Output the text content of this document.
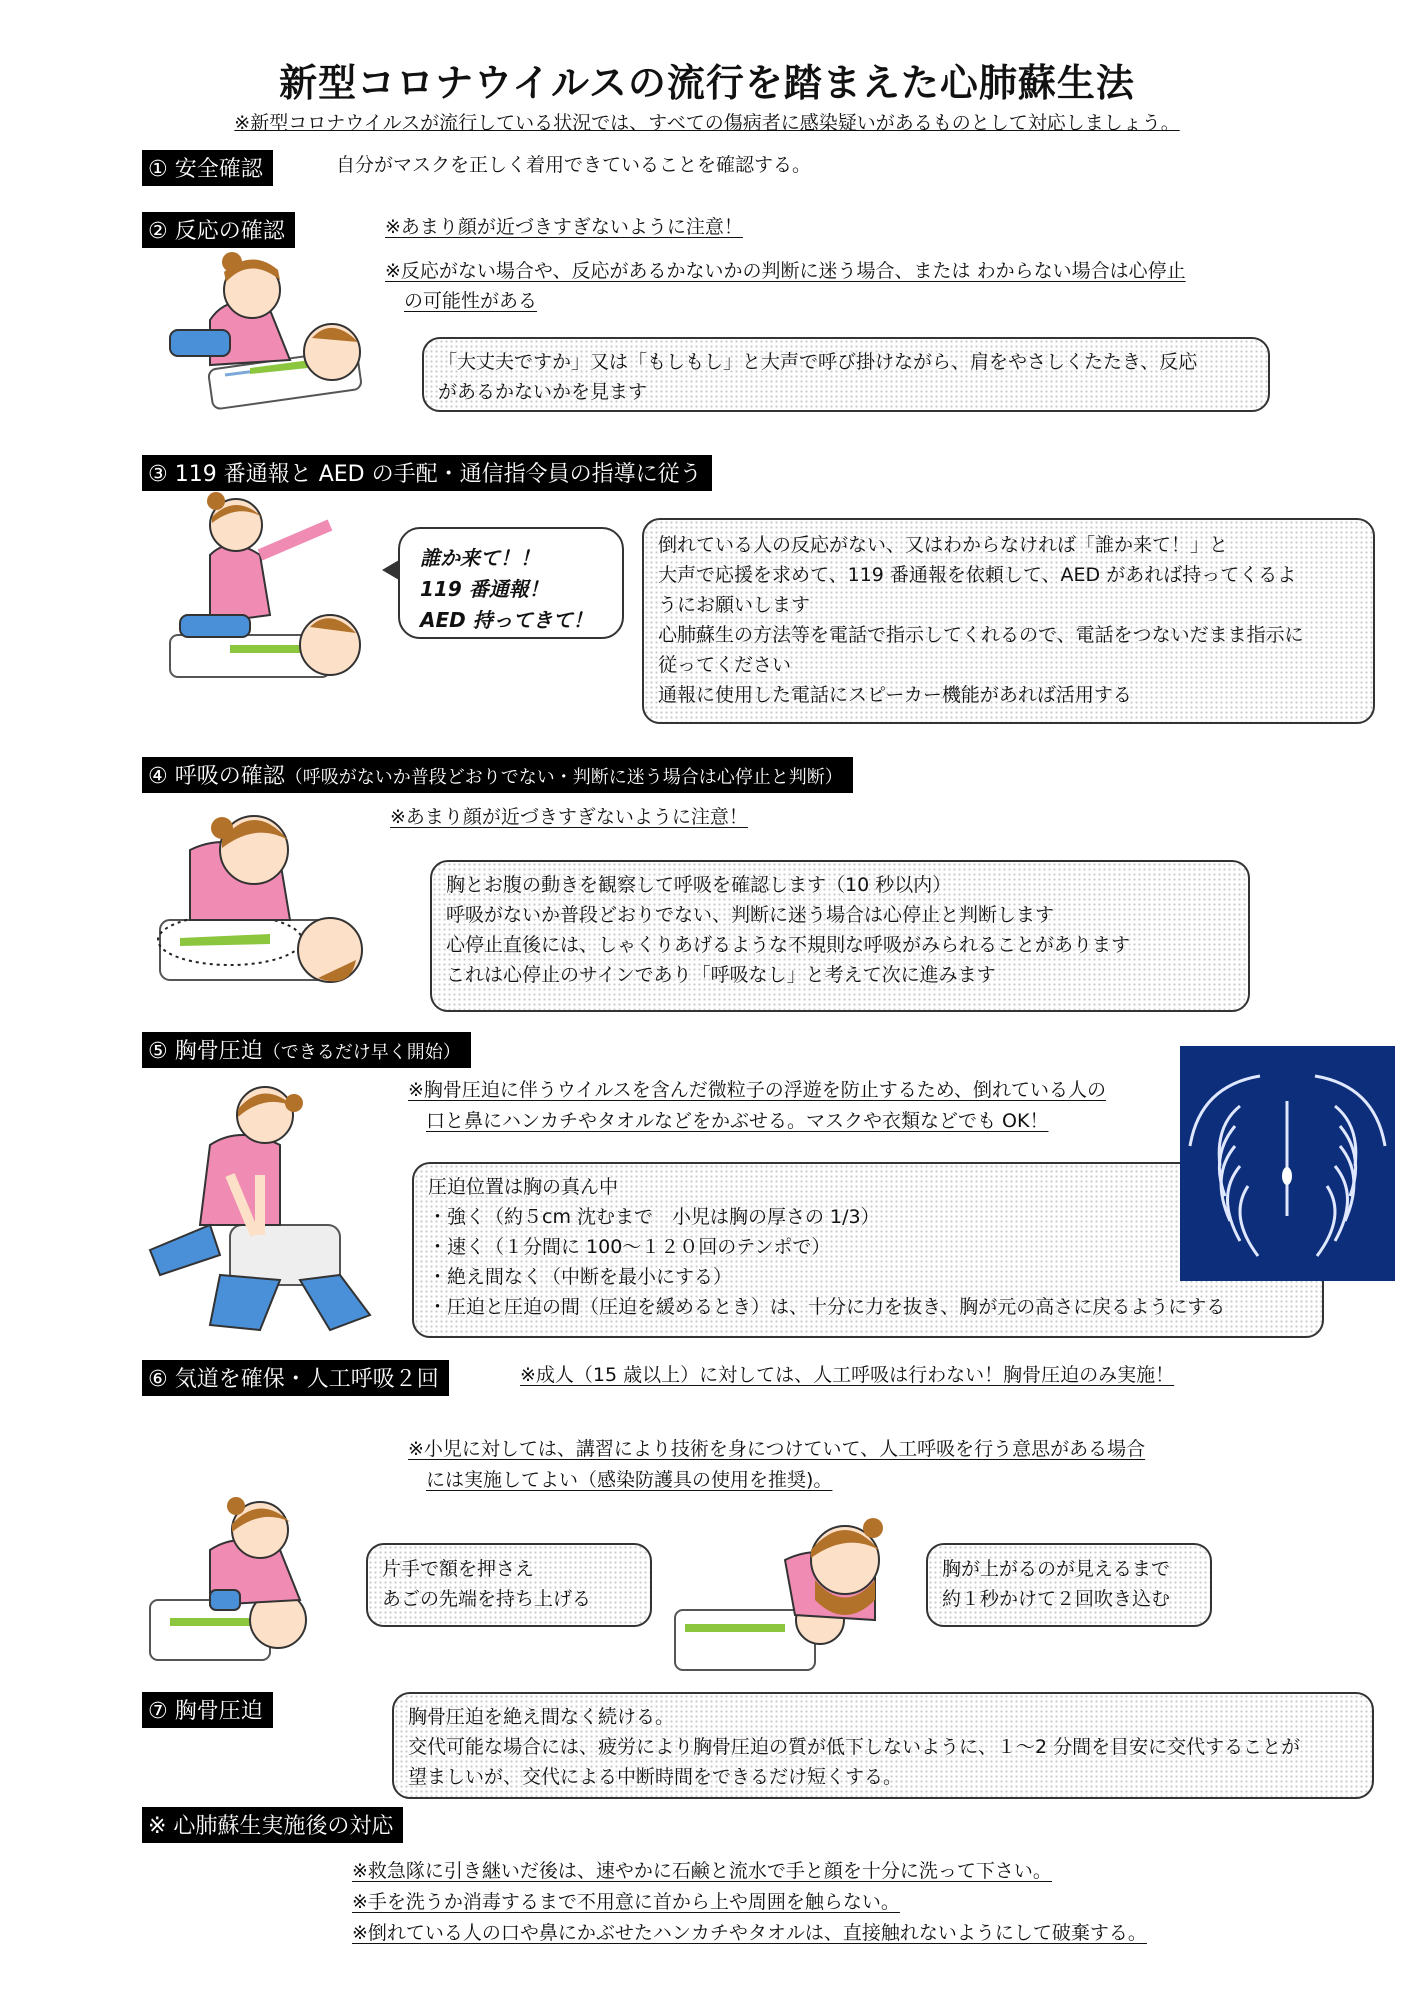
新型コロナウイルスの流行を踏まえた心肺蘇生法
※新型コロナウイルスが流行している状況では、すべての傷病者に感染疑いがあるものとして対応しましょう。
① 安全確認	自分がマスクを正しく着用できていることを確認する。
② 反応の確認	※あまり顔が近づきすぎないように注意！
※反応がない場合や、反応があるかないかの判断に迷う場合、または わからない場合は心停止
の可能性がある
「大丈夫ですか」又は「もしもし」と大声で呼び掛けながら、肩をやさしくたたき、反応
があるかないかを見ます
③ 119 番通報と AED の手配・通信指令員の指導に従う
誰か来て！！
119 番通報！
AED 持ってきて！
倒れている人の反応がない、又はわからなければ「誰か来て！」と
大声で応援を求めて、119 番通報を依頼して、AED があれば持ってくるよ
うにお願いします
心肺蘇生の方法等を電話で指示してくれるので、電話をつないだまま指示に
従ってください
通報に使用した電話にスピーカー機能があれば活用する
④ 呼吸の確認（呼吸がないか普段どおりでない・判断に迷う場合は心停止と判断）
※あまり顔が近づきすぎないように注意！
胸とお腹の動きを観察して呼吸を確認します（10 秒以内）
呼吸がないか普段どおりでない、判断に迷う場合は心停止と判断します
心停止直後には、しゃくりあげるような不規則な呼吸がみられることがあります
これは心停止のサインであり「呼吸なし」と考えて次に進みます
⑤ 胸骨圧迫（できるだけ早く開始）
※胸骨圧迫に伴うウイルスを含んだ微粒子の浮遊を防止するため、倒れている人の
口と鼻にハンカチやタオルなどをかぶせる。マスクや衣類などでも OK！
圧迫位置は胸の真ん中
・強く（約５cm 沈むまで　小児は胸の厚さの 1/3）
・速く（１分間に 100～１２０回のテンポで）
・絶え間なく（中断を最小にする）
・圧迫と圧迫の間（圧迫を緩めるとき）は、十分に力を抜き、胸が元の高さに戻るようにする
⑥ 気道を確保・人工呼吸２回	※成人（15 歳以上）に対しては、人工呼吸は行わない！胸骨圧迫のみ実施！
※小児に対しては、講習により技術を身につけていて、人工呼吸を行う意思がある場合
には実施してよい（感染防護具の使用を推奨)。
片手で額を押さえ
あごの先端を持ち上げる
胸が上がるのが見えるまで
約１秒かけて２回吹き込む
⑦ 胸骨圧迫	胸骨圧迫を絶え間なく続ける。
交代可能な場合には、疲労により胸骨圧迫の質が低下しないように、１～2 分間を目安に交代することが
望ましいが、交代による中断時間をできるだけ短くする。
※ 心肺蘇生実施後の対応
※救急隊に引き継いだ後は、速やかに石鹸と流水で手と顔を十分に洗って下さい。
※手を洗うか消毒するまで不用意に首から上や周囲を触らない。
※倒れている人の口や鼻にかぶせたハンカチやタオルは、直接触れないようにして破棄する。
